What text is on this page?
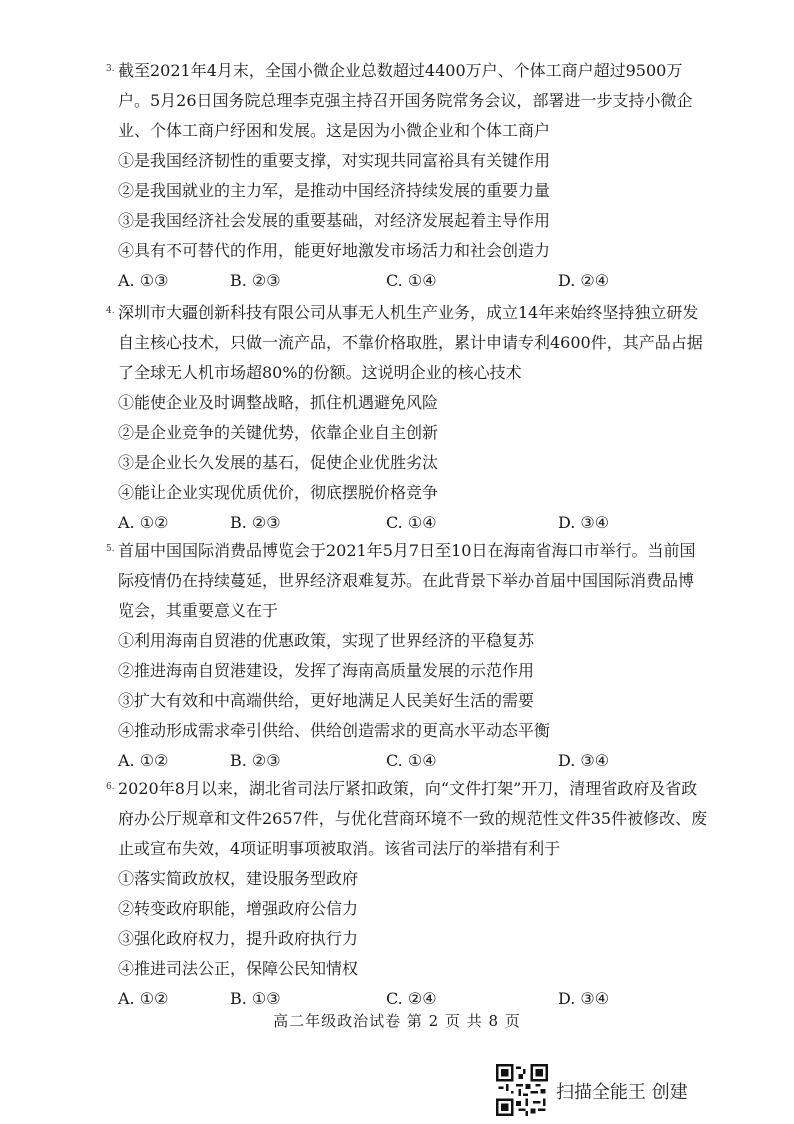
3. 截至2021年4月末，全国小微企业总数超过4400万户、个体工商户超过9500万户。5月26日国务院总理李克强主持召开国务院常务会议，部署进一步支持小微企业、个体工商户纾困和发展。这是因为小微企业和个体工商户

①是我国经济韧性的重要支撑，对实现共同富裕具有关键作用

②是我国就业的主力军，是推动中国经济持续发展的重要力量

③是我国经济社会发展的重要基础，对经济发展起着主导作用

④具有不可替代的作用，能更好地激发市场活力和社会创造力

A. ①③	B. ②③	C. ①④	D. ②④
4. 深圳市大疆创新科技有限公司从事无人机生产业务，成立14年来始终坚持独立研发自主核心技术，只做一流产品，不靠价格取胜，累计申请专利4600件，其产品占据了全球无人机市场超80%的份额。这说明企业的核心技术

①能使企业及时调整战略，抓住机遇避免风险

②是企业竞争的关键优势，依靠企业自主创新

③是企业长久发展的基石，促使企业优胜劣汰

④能让企业实现优质优价，彻底摆脱价格竞争

A. ①②	B. ②③	C. ①④	D. ③④
5. 首届中国国际消费品博览会于2021年5月7日至10日在海南省海口市举行。当前国际疫情仍在持续蔓延，世界经济艰难复苏。在此背景下举办首届中国国际消费品博览会，其重要意义在于

①利用海南自贸港的优惠政策，实现了世界经济的平稳复苏

②推进海南自贸港建设，发挥了海南高质量发展的示范作用

③扩大有效和中高端供给，更好地满足人民美好生活的需要

④推动形成需求牵引供给、供给创造需求的更高水平动态平衡

A. ①②	B. ②③	C. ①④	D. ③④
6. 2020年8月以来，湖北省司法厅紧扣政策，向“文件打架”开刀，清理省政府及省政府办公厅规章和文件2657件，与优化营商环境不一致的规范性文件35件被修改、废止或宣布失效，4项证明事项被取消。该省司法厅的举措有利于

①落实简政放权，建设服务型政府

②转变政府职能，增强政府公信力

③强化政府权力，提升政府执行力

④推进司法公正，保障公民知情权

A. ①②	B. ①③	C. ②④	D. ③④
高二年级政治试卷 第 2 页 共 8 页
扫描全能王 创建
